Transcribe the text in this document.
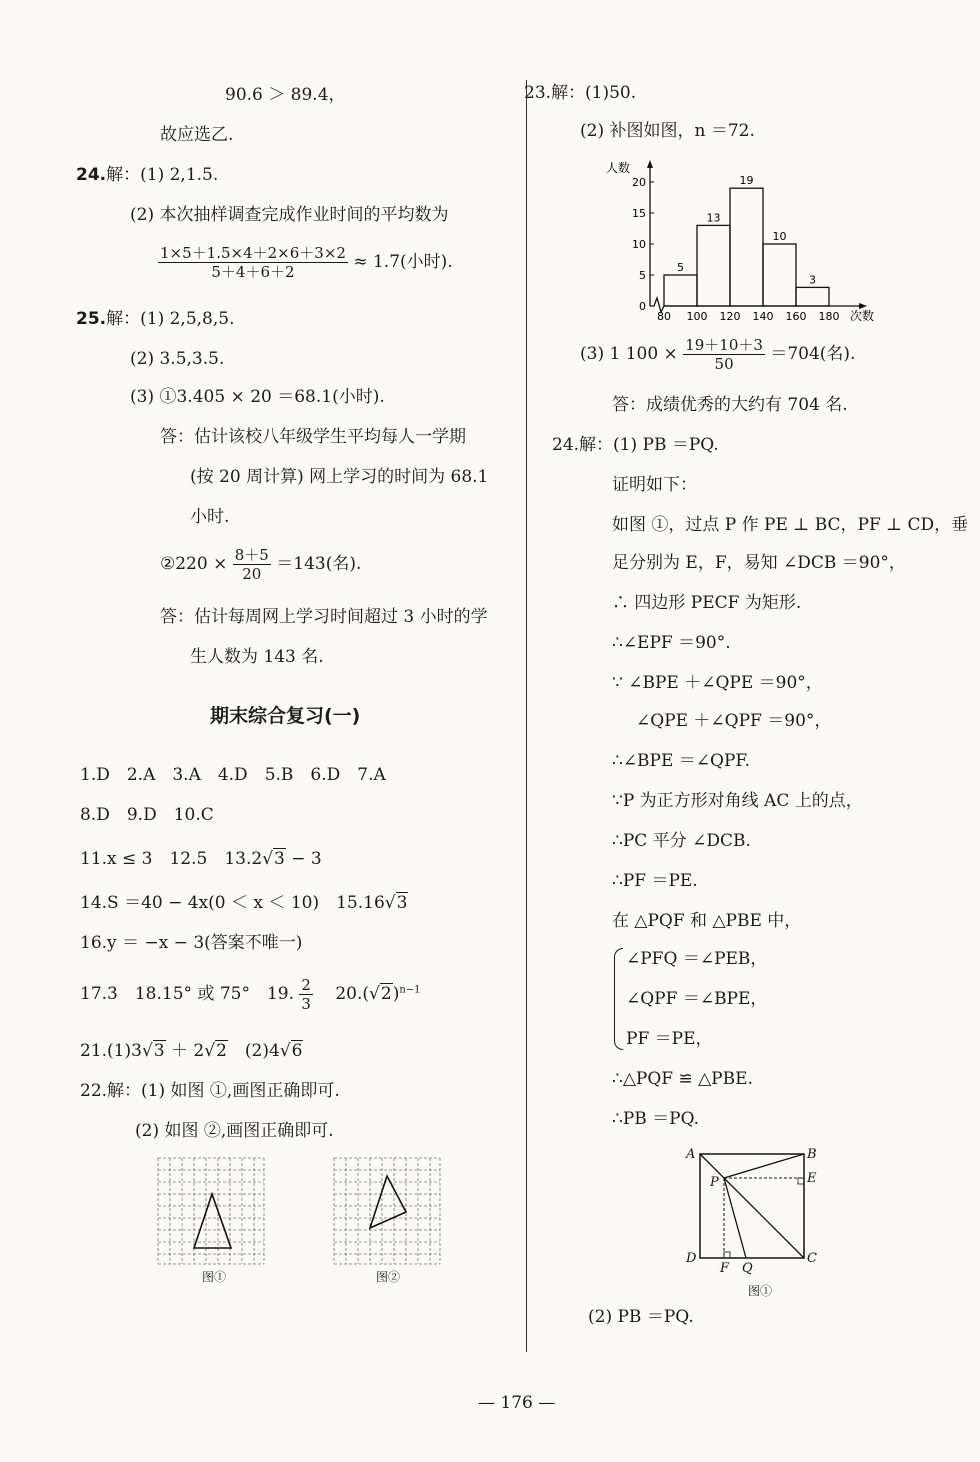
90.6 ＞ 89.4，
故应选乙.
24.解：(1) 2,1.5.
(2) 本次抽样调查完成作业时间的平均数为
$\frac{1\times 5+1.5\times 4+2\times 6+3\times 2}{5+4+6+2} \approx 1.7$(小时).
25.解：(1) 2,5,8,5.
(2) 3.5,3.5.
(3) ①3.405 × 20 ＝68.1(小时).
答：估计该校八年级学生平均每人一学期
(按 20 周计算) 网上学习的时间为 68.1
小时.
②220 × $\frac{8+5}{20} =143$(名).
答：估计每周网上学习时间超过 3 小时的学
生人数为 143 名.
期末综合复习(一)
1.D　2.A　3.A　4.D　5.B　6.D　7.A
8.D　9.D　10.C
11.x ≤ 3　12.5　13.2√3 − 3
14.S ＝40 − 4x(0 ＜ x ＜ 10)　15.16√3
16.y ＝ −x − 3(答案不唯一)
17.3　18.15° 或 75°　19. $\frac{2}{3}$
　 $20.(√2)^{n-1}$
21.(1)3√3 ＋ 2√2　(2)4√6
22.解：(1) 如图 ①,画图正确即可.
(2) 如图 ②,画图正确即可.
图①	图②
23.解：(1)50.
(2) 补图如图，n ＝72.
人数
次数
0
5
10
15
20
80 100 120 140 160 180
5
13
19
10
3
(3) 1 $100 \times \frac{19+10+3}{50} =704$(名).
答：成绩优秀的大约有 704 名.
24.解：(1) PB ＝PQ.
证明如下：
如图 ①，过点 P 作 PE ⊥ BC，PF ⊥ CD，垂
足分别为 E，F，易知 ∠DCB ＝90°，
∴ 四边形 PECF 为矩形.
∴∠EPF ＝90°.
∵ ∠BPE ＋∠QPE ＝90°，
∠QPE ＋∠QPF ＝90°，
∴∠BPE ＝∠QPF.
∵P 为正方形对角线 AC 上的点，
∴PC 平分 ∠DCB.
∴PF ＝PE.
在 △PQF 和 △PBE 中，
∠PFQ ＝∠PEB，
∠QPF ＝∠BPE，
PF ＝PE，
∴△PQF ≌ △PBE.
∴PB ＝PQ.
A	B
E
P
D	C
F Q
图①
(2) PB ＝PQ.
— 176 —
